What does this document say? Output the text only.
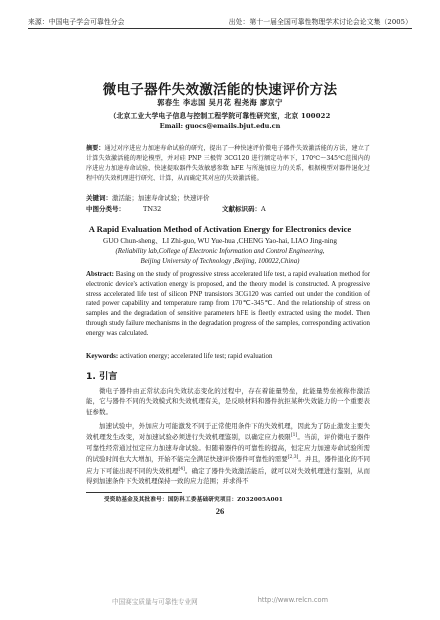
来源：中国电子学会可靠性分会	出处：第十一届全国可靠性物理学术讨论会论文集（2005）
微电子器件失效激活能的快速评价方法
郭春生 李志国 吴月花 程尧海 廖京宁
（北京工业大学电子信息与控制工程学院可靠性研究室，北京 100022
Email: guocs@emails.bjut.edu.cn
摘要：通过对序进应力加速寿命试验的研究，提出了一种快速评价微电子器件失效激活能的方法，建立了计算失效激活能的理论模型，并对硅 PNP 三极管 3CG120 进行额定功率下，170℃～345℃范围内的序进应力加速寿命试验，快速提取器件失效敏感参数 hFE 与所施加应力的关系，根据模型对器件退化过程中的失效机理进行研究、计算，从而确定其对应的失效激活能。
关键词：激活能；加速寿命试验；快速评价
中图分类号：	TN32	文献标识码：A
A Rapid Evaluation Method of Activation Energy for Electronics device
GUO Chun-sheng、LI Zhi-guo, WU Yue-hua ,CHENG Yao-hai, LIAO Jing-ning
(Reliability lab,College of Electronic Information and Control Engineering,
Beijing University of Technology ,Beijing, 100022,China)
Abstract: Basing on the study of progressive stress accelerated life test, a rapid evaluation method for electronic device's activation energy is proposed, and the theory model is constructed. A progressive stress accelerated life test of silicon PNP transistors 3CG120 was carried out under the condition of rated power capability and temperature ramp from 170℃-345℃. And the relationship of stress on samples and the degradation of sensitive parameters hFE is fleetly extracted using the model. Then through study failure mechanisms in the degradation progress of the samples, corresponding activation energy was calculated.
Keywords: activation energy; accelerated life test; rapid evaluation
1. 引言

微电子器件由正常状态向失效状态变化的过程中，存在着能量势垒，此能量势垒被称作激活能，它与器件不同的失效模式和失效机理有关，是反映材料和器件抗拒某种失效能力的一个重要表征参数。

加速试验中，外加应力可能激发不同于正常使用条件下的失效机理，因此为了防止激发主要失效机理发生改变，对加速试验必须进行失效机理鉴别，以确定应力极限[1]。当前，评价微电子器件可靠性经常通过恒定应力加速寿命试验。但随着器件的可靠性的提高，恒定应力加速寿命试验所需的试验时间也大大增加，开始不能完全满足快速评价器件可靠性的需要[2,3]。并且，器件退化的不同应力下可能出现不同的失效机理[4]。确定了器件失效激活能后，就可以对失效机理进行鉴别，从而得到加速条件下失效机理保持一致的应力范围；并求得不

受资助基金及其批准号：国防科工委基础研究项目：Z032005A001
26
中国赛宝质量与可靠性专业网	http://www.relcn.com
